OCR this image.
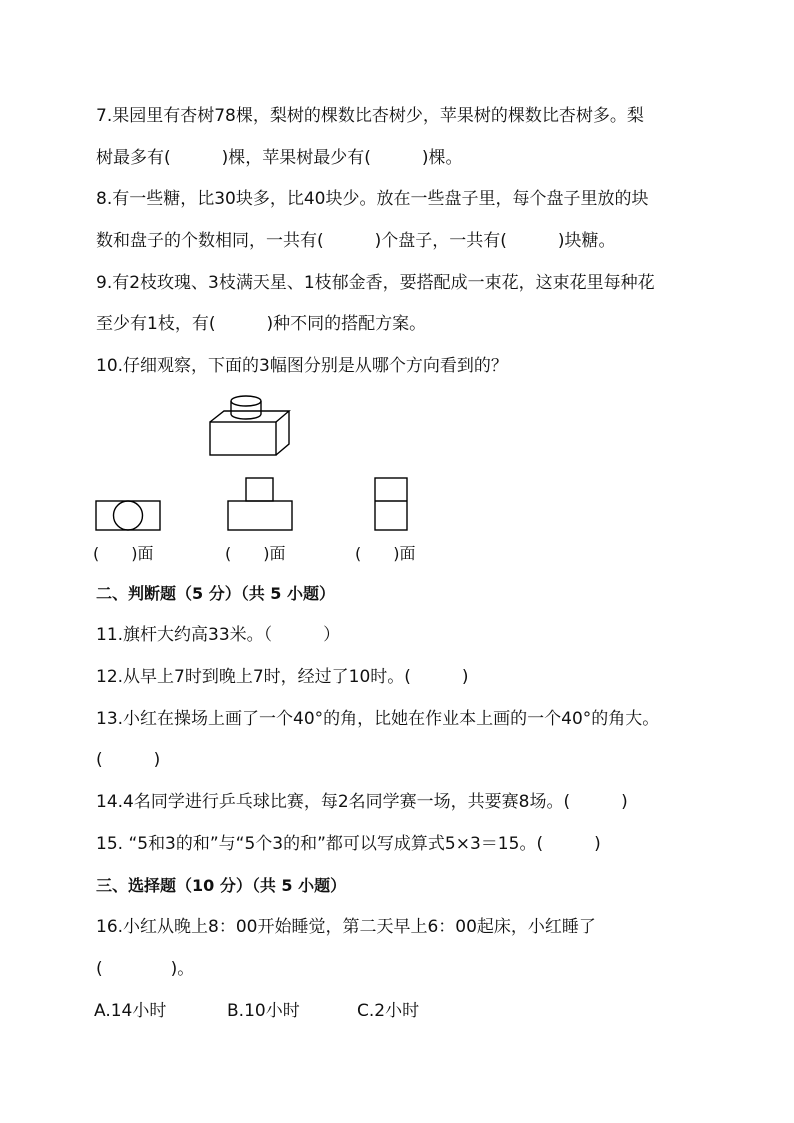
7.果园里有杏树78棵，梨树的棵数比杏树少，苹果树的棵数比杏树多。梨
树最多有(　　　)棵，苹果树最少有(　　　)棵。
8.有一些糖，比30块多，比40块少。放在一些盘子里，每个盘子里放的块
数和盘子的个数相同，一共有(　　　)个盘子，一共有(　　　)块糖。
9.有2枝玫瑰、3枝满天星、1枝郁金香，要搭配成一束花，这束花里每种花
至少有1枝，有(　　　)种不同的搭配方案。
10.仔细观察，下面的3幅图分别是从哪个方向看到的？
(　　)面	(　　)面	(　　)面
二、判断题（5 分）（共 5 小题）
11.旗杆大约高33米。（　　　）
12.从早上7时到晚上7时，经过了10时。(　　　)
13.小红在操场上画了一个40°的角，比她在作业本上画的一个40°的角大。
(　　　)
14.4名同学进行乒乓球比赛，每2名同学赛一场，共要赛8场。(　　　)
15. “5和3的和”与“5个3的和”都可以写成算式5×3＝15。(　　　)
三、选择题（10 分）（共 5 小题）
16.小红从晚上8：00开始睡觉，第二天早上6：00起床，小红睡了
(　　　　)。
A.14小时	B.10小时	C.2小时
